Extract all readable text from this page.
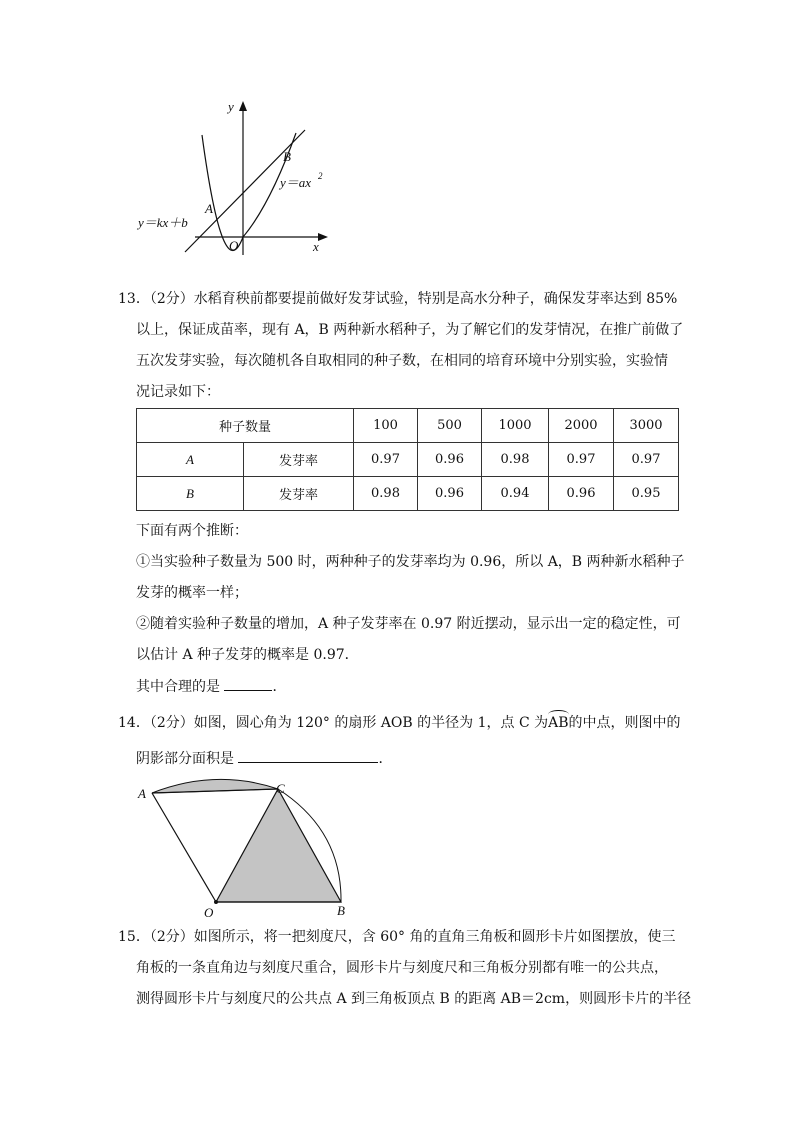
y
x
O
A
B
y＝kx＋b
y＝ax 2
13．（2分）水稻育秧前都要提前做好发芽试验，特别是高水分种子，确保发芽率达到 85%
以上，保证成苗率，现有 A，B 两种新水稻种子，为了解它们的发芽情况，在推广前做了
五次发芽实验，每次随机各自取相同的种子数，在相同的培育环境中分别实验，实验情
况记录如下：
种子数量		100	500	1000	2000	3000
A	发芽率	0.97	0.96	0.98	0.97	0.97
B	发芽率	0.98	0.96	0.94	0.96	0.95
下面有两个推断：
①当实验种子数量为 500 时，两种种子的发芽率均为 0.96，所以 A，B 两种新水稻种子
发芽的概率一样；
②随着实验种子数量的增加，A 种子发芽率在 0.97 附近摆动，显示出一定的稳定性，可
以估计 A 种子发芽的概率是 0.97．
其中合理的是	．
14．（2分）如图，圆心角为 120° 的扇形 AOB 的半径为 1，点 C 为AB的中点，则图中的
阴影部分面积是	．
A	C
O	B
15．（2分）如图所示，将一把刻度尺，含 60° 角的直角三角板和圆形卡片如图摆放，使三
角板的一条直角边与刻度尺重合，圆形卡片与刻度尺和三角板分别都有唯一的公共点，
测得圆形卡片与刻度尺的公共点 A 到三角板顶点 B 的距离 AB＝2cm，则圆形卡片的半径
